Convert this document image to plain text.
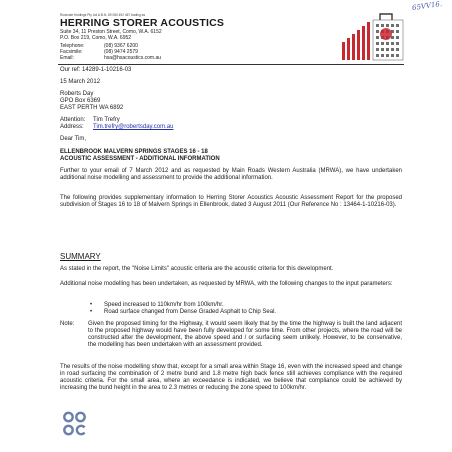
65VV16.
Rockvale Holdings Pty Ltd A.B.N. 69 050 492 467 trading as
HERRING STORER ACOUSTICS
Suite 34, 11 Preston Street, Como, W.A. 6152
P.O. Box 219, Como, W.A. 6952
Telephone:	(08) 9367 6200
Facsimile:	(08) 9474 2579
Email:	hsa@hsacoustics.com.au
Our ref: 14289-1-10216-03
15 March 2012
Roberts Day
GPO Box 6369
EAST PERTH WA 6892
Attention: Tim Trefry
Address: Tim.trefry@robertsday.com.au
Dear Tim,
ELLENBROOK MALVERN SPRINGS STAGES 16 - 18
ACOUSTIC ASSESSMENT - ADDITIONAL INFORMATION
Further to your email of 7 March 2012 and as requested by Main Roads Western Australia (MRWA), we have undertaken additional noise modelling and assessment to provide the additional information.
The following provides supplementary information to Herring Storer Acoustics Acoustic Assessment Report for the proposed subdivision of Stages 16 to 18 of Malvern Springs in Ellenbrook, dated 3 August 2011 (Our Reference No : 13464-1-10216-03).
SUMMARY
As stated in the report, the "Noise Limits" acoustic criteria are the acoustic criteria for this development.
Additional noise modelling has been undertaken, as requested by MRWA, with the following changes to the input parameters:
Note: Given the proposed timing for the Highway, it would seem likely that by the time the highway is built the land adjacent to the proposed highway would have been fully developed for some time. From other projects, where the road will be constructed after the development, the above speed and / or surfacing seem unlikely. However, to be conservative, the modelling has been undertaken with an assessment provided.
The results of the noise modelling show that, except for a small area within Stage 16, even with the increased speed and change in road surfacing the combination of 2 metre bund and 1.8 metre high back fence still achieves compliance with the required acoustic criteria. For the small area, where an exceedance is indicated, we believe that compliance could be achieved by increasing the bund height in the area to 2.3 metres or reducing the zone speed to 100km/hr.
• Speed increased to 110km/hr from 100km/hr.
• Road surface changed from Dense Graded Asphalt to Chip Seal.
